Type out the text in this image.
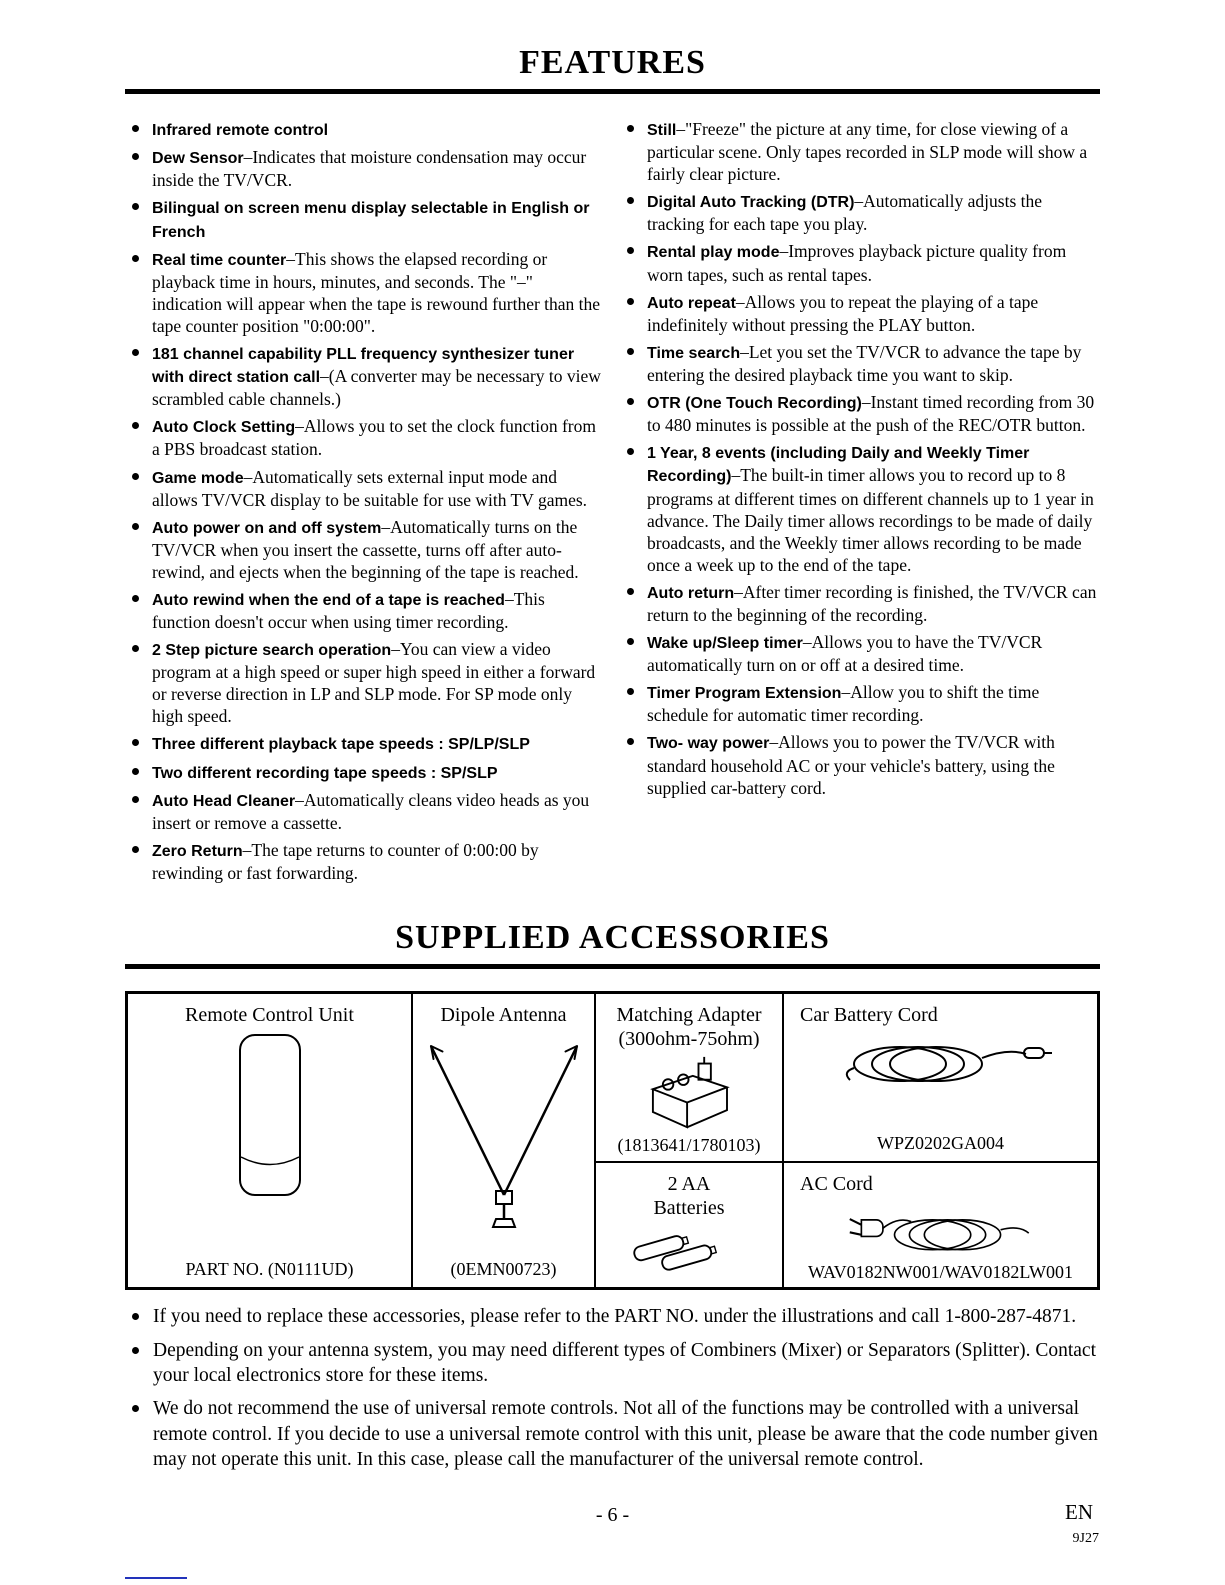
FEATURES
Infrared remote control
Dew Sensor–Indicates that moisture condensation may occur inside the TV/VCR.
Bilingual on screen menu display selectable in English or French
Real time counter–This shows the elapsed recording or playback time in hours, minutes, and seconds. The "–" indication will appear when the tape is rewound further than the tape counter position "0:00:00".
181 channel capability PLL frequency synthesizer tuner with direct station call–(A converter may be necessary to view scrambled cable channels.)
Auto Clock Setting–Allows you to set the clock function from a PBS broadcast station.
Game mode–Automatically sets external input mode and allows TV/VCR display to be suitable for use with TV games.
Auto power on and off system–Automatically turns on the TV/VCR when you insert the cassette, turns off after auto-rewind, and ejects when the beginning of the tape is reached.
Auto rewind when the end of a tape is reached–This function doesn't occur when using timer recording.
2 Step picture search operation–You can view a video program at a high speed or super high speed in either a forward or reverse direction in LP and SLP mode. For SP mode only high speed.
Three different playback tape speeds : SP/LP/SLP
Two different recording tape speeds : SP/SLP
Auto Head Cleaner–Automatically cleans video heads as you insert or remove a cassette.
Zero Return–The tape returns to counter of 0:00:00 by rewinding or fast forwarding.
Still–"Freeze" the picture at any time, for close viewing of a particular scene. Only tapes recorded in SLP mode will show a fairly clear picture.
Digital Auto Tracking (DTR)–Automatically adjusts the tracking for each tape you play.
Rental play mode–Improves playback picture quality from worn tapes, such as rental tapes.
Auto repeat–Allows you to repeat the playing of a tape indefinitely without pressing the PLAY button.
Time search–Let you set the TV/VCR to advance the tape by entering the desired playback time you want to skip.
OTR (One Touch Recording)–Instant timed recording from 30 to 480 minutes is possible at the push of the REC/OTR button.
1 Year, 8 events (including Daily and Weekly Timer Recording)–The built-in timer allows you to record up to 8 programs at different times on different channels up to 1 year in advance. The Daily timer allows recordings to be made of daily broadcasts, and the Weekly timer allows recording to be made once a week up to the end of the tape.
Auto return–After timer recording is finished, the TV/VCR can return to the beginning of the recording.
Wake up/Sleep timer–Allows you to have the TV/VCR automatically turn on or off at a desired time.
Timer Program Extension–Allow you to shift the time schedule for automatic timer recording.
Two- way power–Allows you to power the TV/VCR with standard household AC or your vehicle's battery, using the supplied car-battery cord.
SUPPLIED ACCESSORIES
Remote Control Unit
PART NO. (N0111UD)
Dipole Antenna
(0EMN00723)
Matching Adapter
(300ohm-75ohm)
(1813641/1780103)
Car Battery Cord
WPZ0202GA004
2 AA
Batteries
AC Cord
WAV0182NW001/WAV0182LW001
If you need to replace these accessories, please refer to the PART NO. under the illustrations and call 1-800-287-4871.
Depending on your antenna system, you may need different types of Combiners (Mixer) or Separators (Splitter). Contact your local electronics store for these items.
We do not recommend the use of universal remote controls. Not all of the functions may be controlled with a universal remote control. If you decide to use a universal remote control with this unit, please be aware that the code number given may not operate this unit. In this case, please call the manufacturer of the universal remote control.
- 6 -	EN
9J27
